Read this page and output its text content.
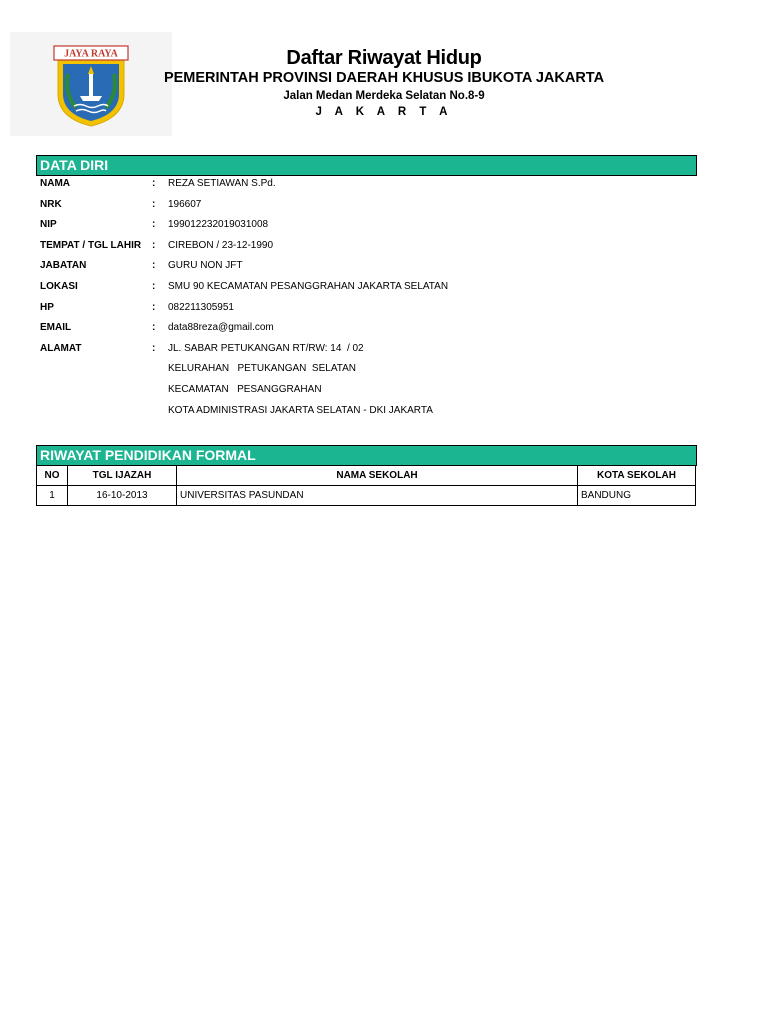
JAYA RAYA	Daftar Riwayat Hidup
PEMERINTAH PROVINSI DAERAH KHUSUS IBUKOTA JAKARTA
Jalan Medan Merdeka Selatan No.8-9
J A K A R T A
DATA DIRI
NAMA	: REZA SETIAWAN S.Pd.
NRK	: 196607
NIP	: 199012232019031008
TEMPAT / TGL LAHIR	: CIREBON / 23-12-1990
JABATAN	: GURU NON JFT
LOKASI	: SMU 90 KECAMATAN PESANGGRAHAN JAKARTA SELATAN
HP	: 082211305951
EMAIL	: data88reza@gmail.com
ALAMAT	: JL. SABAR PETUKANGAN RT/RW: 14  / 02
KELURAHAN   PETUKANGAN  SELATAN
KECAMATAN   PESANGGRAHAN
KOTA ADMINISTRASI JAKARTA SELATAN - DKI JAKARTA
RIWAYAT PENDIDIKAN FORMAL
NO	TGL IJAZAH	NAMA SEKOLAH	KOTA SEKOLAH
1	16-10-2013	UNIVERSITAS PASUNDAN	BANDUNG
